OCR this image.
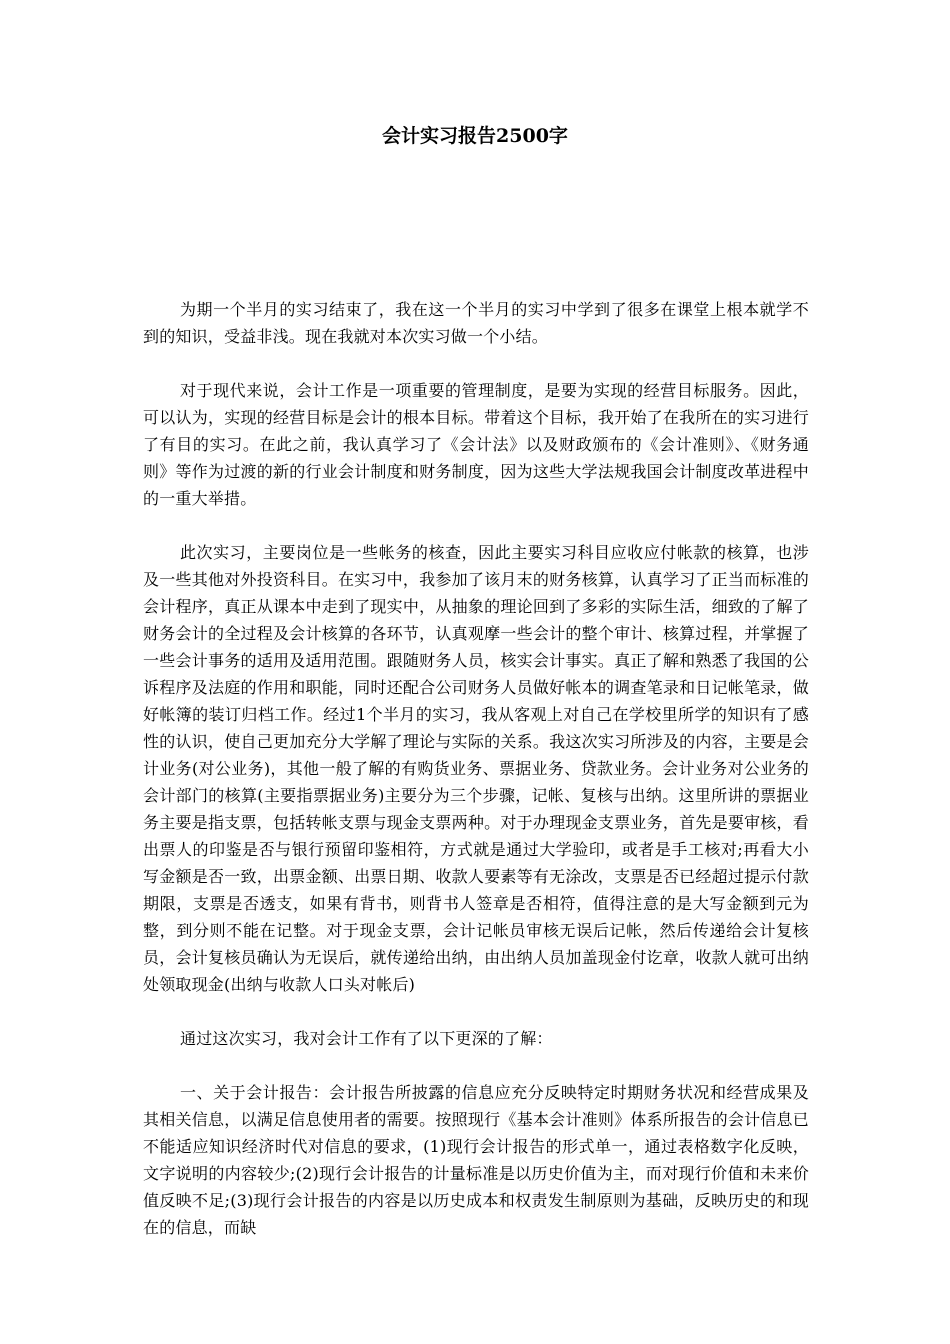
会计实习报告2500字

为期一个半月的实习结束了，我在这一个半月的实习中学到了很多在课堂上根本就学不到的知识，受益非浅。现在我就对本次实习做一个小结。

对于现代来说，会计工作是一项重要的管理制度，是要为实现的经营目标服务。因此，可以认为，实现的经营目标是会计的根本目标。带着这个目标，我开始了在我所在的实习进行了有目的实习。在此之前，我认真学习了《会计法》以及财政颁布的《会计准则》、《财务通则》等作为过渡的新的行业会计制度和财务制度，因为这些大学法规我国会计制度改革进程中的一重大举措。

此次实习，主要岗位是一些帐务的核查，因此主要实习科目应收应付帐款的核算，也涉及一些其他对外投资科目。在实习中，我参加了该月末的财务核算，认真学习了正当而标准的会计程序，真正从课本中走到了现实中，从抽象的理论回到了多彩的实际生活，细致的了解了财务会计的全过程及会计核算的各环节，认真观摩一些会计的整个审计、核算过程，并掌握了一些会计事务的适用及适用范围。跟随财务人员，核实会计事实。真正了解和熟悉了我国的公诉程序及法庭的作用和职能，同时还配合公司财务人员做好帐本的调查笔录和日记帐笔录，做好帐簿的装订归档工作。经过1个半月的实习，我从客观上对自己在学校里所学的知识有了感性的认识，使自己更加充分大学解了理论与实际的关系。我这次实习所涉及的内容，主要是会计业务(对公业务)，其他一般了解的有购货业务、票据业务、贷款业务。会计业务对公业务的会计部门的核算(主要指票据业务)主要分为三个步骤，记帐、复核与出纳。这里所讲的票据业务主要是指支票，包括转帐支票与现金支票两种。对于办理现金支票业务，首先是要审核，看出票人的印鉴是否与银行预留印鉴相符，方式就是通过大学验印，或者是手工核对;再看大小写金额是否一致，出票金额、出票日期、收款人要素等有无涂改，支票是否已经超过提示付款期限，支票是否透支，如果有背书，则背书人签章是否相符，值得注意的是大写金额到元为整，到分则不能在记整。对于现金支票，会计记帐员审核无误后记帐，然后传递给会计复核员，会计复核员确认为无误后，就传递给出纳，由出纳人员加盖现金付讫章，收款人就可出纳处领取现金(出纳与收款人口头对帐后)

通过这次实习，我对会计工作有了以下更深的了解：

一、关于会计报告：会计报告所披露的信息应充分反映特定时期财务状况和经营成果及其相关信息，以满足信息使用者的需要。按照现行《基本会计准则》体系所报告的会计信息已不能适应知识经济时代对信息的要求，(1)现行会计报告的形式单一，通过表格数字化反映，文字说明的内容较少;(2)现行会计报告的计量标准是以历史价值为主，而对现行价值和未来价值反映不足;(3)现行会计报告的内容是以历史成本和权责发生制原则为基础，反映历史的和现在的信息，而缺
